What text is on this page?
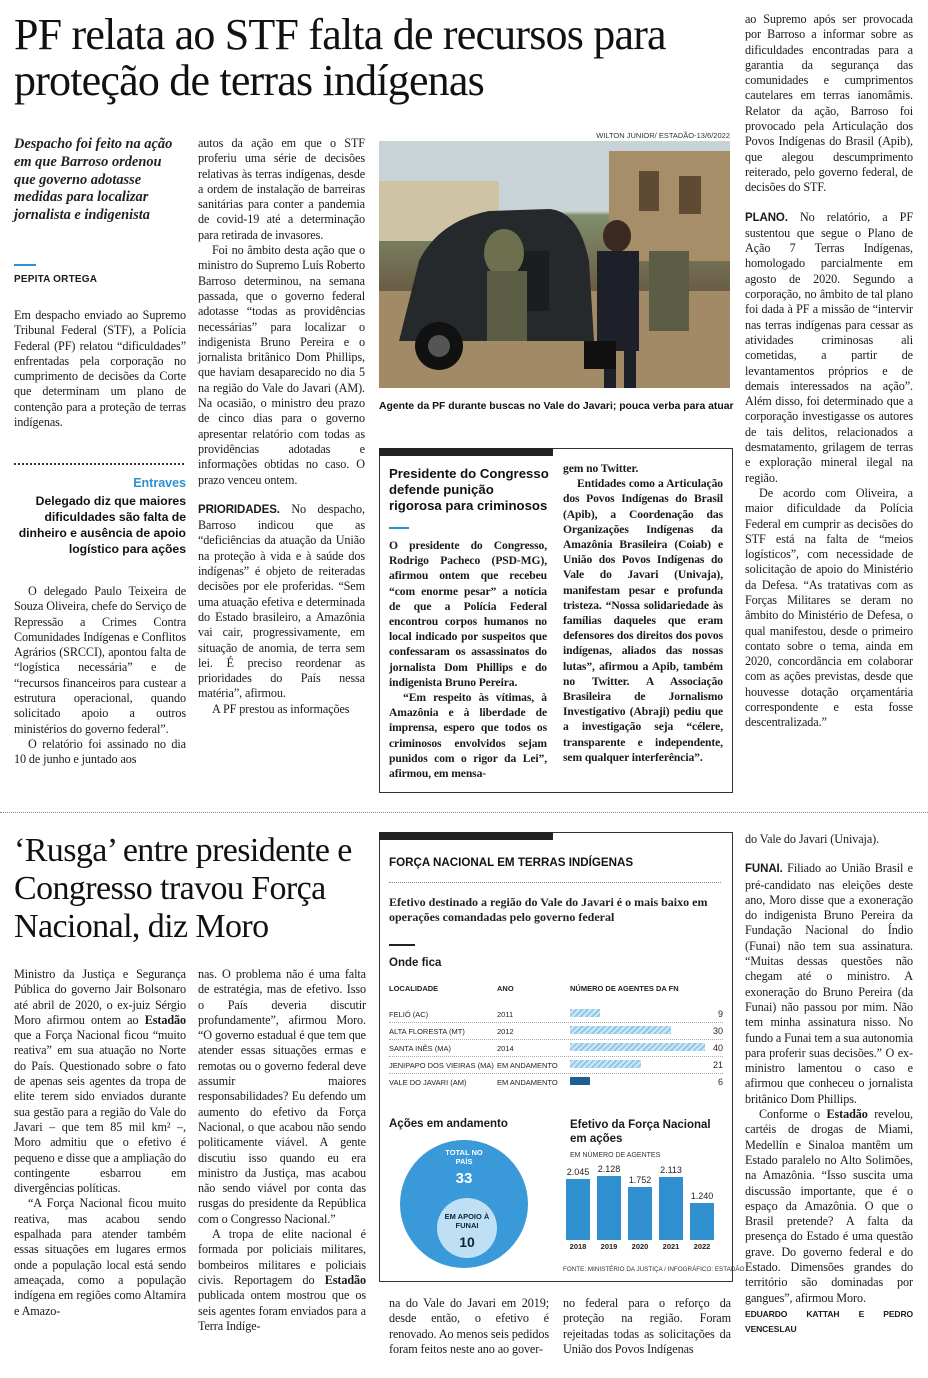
PF relata ao STF falta de recursos para proteção de terras indígenas
Despacho foi feito na ação em que Barroso ordenou que governo adotasse medidas para localizar jornalista e indigenista
PEPITA ORTEGA

Em despacho enviado ao Supremo Tribunal Federal (STF), a Polícia Federal (PF) relatou “dificuldades” enfrentadas pela corporação no cumprimento de decisões da Corte que determinam um plano de contenção para a proteção de terras indígenas.

Entraves
Delegado diz que maiores dificuldades são falta de dinheiro e ausência de apoio logístico para ações

O delegado Paulo Teixeira de Souza Oliveira, chefe do Serviço de Repressão a Crimes Contra Comunidades Indígenas e Conflitos Agrários (SRCCI), apontou falta de “logística necessária” e de “recursos financeiros para custear a estrutura operacional, quando solicitado apoio a outros ministérios do governo federal”.

O relatório foi assinado no dia 10 de junho e juntado aos

autos da ação em que o STF proferiu uma série de decisões relativas às terras indígenas, desde a ordem de instalação de barreiras sanitárias para conter a pandemia de covid-19 até a determinação para retirada de invasores.

Foi no âmbito desta ação que o ministro do Supremo Luís Roberto Barroso determinou, na semana passada, que o governo federal adotasse “todas as providências necessárias” para localizar o indigenista Bruno Pereira e o jornalista britânico Dom Phillips, que haviam desaparecido no dia 5 na região do Vale do Javari (AM). Na ocasião, o ministro deu prazo de cinco dias para o governo apresentar relatório com todas as providências adotadas e informações obtidas no caso. O prazo venceu ontem.

PRIORIDADES. No despacho, Barroso indicou que as “deficiências da atuação da União na proteção à vida e à saúde dos indígenas” é objeto de reiteradas decisões por ele proferidas. “Sem uma atuação efetiva e determinada do Estado brasileiro, a Amazônia vai cair, progressivamente, em situação de anomia, de terra sem lei. É preciso reordenar as prioridades do País nessa matéria”, afirmou.

A PF prestou as informações

WILTON JUNIOR/ ESTADÃO-13/6/2022
Agente da PF durante buscas no Vale do Javari; pouca verba para atuar
Presidente do Congresso defende punição rigorosa para criminosos

O presidente do Congresso, Rodrigo Pacheco (PSD-MG), afirmou ontem que recebeu “com enorme pesar” a notícia de que a Polícia Federal encontrou corpos humanos no local indicado por suspeitos que confessaram os assassinatos do jornalista Dom Phillips e do indigenista Bruno Pereira.

“Em respeito às vítimas, à Amazônia e à liberdade de imprensa, espero que todos os criminosos envolvidos sejam punidos com o rigor da Lei”, afirmou, em mensa-

gem no Twitter.

Entidades como a Articulação dos Povos Indígenas do Brasil (Apib), a Coordenação das Organizações Indígenas da Amazônia Brasileira (Coiab) e União dos Povos Indígenas do Vale do Javari (Univaja), manifestam pesar e profunda tristeza. “Nossa solidariedade às famílias daqueles que eram defensores dos direitos dos povos indígenas, aliados das nossas lutas”, afirmou a Apib, também no Twitter. A Associação Brasileira de Jornalismo Investigativo (Abraji) pediu que a investigação seja “célere, transparente e independente, sem qualquer interferência”.

ao Supremo após ser provocada por Barroso a informar sobre as dificuldades encontradas para a garantia da segurança das comunidades e cumprimentos cautelares em terras ianomâmis. Relator da ação, Barroso foi provocado pela Articulação dos Povos Indígenas do Brasil (Apib), que alegou descumprimento reiterado, pelo governo federal, de decisões do STF.

PLANO. No relatório, a PF sustentou que segue o Plano de Ação 7 Terras Indígenas, homologado parcialmente em agosto de 2020. Segundo a corporação, no âmbito de tal plano foi dada à PF a missão de “intervir nas terras indígenas para cessar as atividades criminosas ali cometidas, a partir de levantamentos próprios e de demais interessados na ação”. Além disso, foi determinado que a corporação investigasse os autores de tais delitos, relacionados a desmatamento, grilagem de terras e exploração mineral ilegal na região.

De acordo com Oliveira, a maior dificuldade da Polícia Federal em cumprir as decisões do STF está na falta de “meios logísticos”, com necessidade de solicitação de apoio do Ministério da Defesa. “As tratativas com as Forças Militares se deram no âmbito do Ministério de Defesa, o qual manifestou, desde o primeiro contato sobre o tema, ainda em 2020, concordância em colaborar com as ações previstas, desde que houvesse dotação orçamentária correspondente e esta fosse descentralizada.”

‘Rusga’ entre presidente e Congresso travou Força Nacional, diz Moro

Ministro da Justiça e Segurança Pública do governo Jair Bolsonaro até abril de 2020, o ex-juiz Sérgio Moro afirmou ontem ao Estadão que a Força Nacional ficou “muito reativa” em sua atuação no Norte do País. Questionado sobre o fato de apenas seis agentes da tropa de elite terem sido enviados durante sua gestão para a região do Vale do Javari – que tem 85 mil km² –, Moro admitiu que o efetivo é pequeno e disse que a ampliação do contingente esbarrou em divergências políticas.

“A Força Nacional ficou muito reativa, mas acabou sendo espalhada para atender também essas situações em lugares ermos onde a população local está sendo ameaçada, como a população indígena em regiões como Altamira e Amazo-

nas. O problema não é uma falta de estratégia, mas de efetivo. Isso o País deveria discutir profundamente”, afirmou Moro. “O governo estadual é que tem que atender essas situações ermas e remotas ou o governo federal deve assumir maiores responsabilidades? Eu defendo um aumento do efetivo da Força Nacional, o que acabou não sendo politicamente viável. A gente discutiu isso quando eu era ministro da Justiça, mas acabou não sendo viável por conta das rusgas do presidente da República com o Congresso Nacional.”

A tropa de elite nacional é formada por policiais militares, bombeiros militares e policiais civis. Reportagem do Estadão publicada ontem mostrou que os seis agentes foram enviados para a Terra Indíge-

FORÇA NACIONAL EM TERRAS INDÍGENAS
Efetivo destinado a região do Vale do Javari é o mais baixo em operações comandadas pelo governo federal
Onde fica
LOCALIDADE	ANO	NÚMERO DE AGENTES DA FN
FELIÓ (AC)	2011	9
ALTA FLORESTA (MT)	2012	30
SANTA INÊS (MA)	2014	40
JENIPAPO DOS VIEIRAS (MA) EM ANDAMENTO	21
VALE DO JAVARI (AM)	EM ANDAMENTO	6
Ações em andamento
TOTAL NO PAÍS
33
EM APOIO À FUNAI
10
Efetivo da Força Nacional em ações
EM NÚMERO DE AGENTES
2.045
2018
2.128
2019
1.752
2020
2.113
2021
1.240
2022
FONTE: MINISTÉRIO DA JUSTIÇA / INFOGRÁFICO: ESTADÃO

na do Vale do Javari em 2019; desde então, o efetivo é renovado. Ao menos seis pedidos foram feitos neste ano ao gover-

no federal para o reforço da proteção na região. Foram rejeitadas todas as solicitações da União dos Povos Indígenas

do Vale do Javari (Univaja).

FUNAI. Filiado ao União Brasil e pré-candidato nas eleições deste ano, Moro disse que a exoneração do indigenista Bruno Pereira da Fundação Nacional do Índio (Funai) não tem sua assinatura. “Muitas dessas questões não chegam até o ministro. A exoneração do Bruno Pereira (da Funai) não passou por mim. Não tem minha assinatura nisso. No fundo a Funai tem a sua autonomia para proferir suas decisões.” O ex-ministro lamentou o caso e afirmou que conheceu o jornalista britânico Dom Phillips.

Conforme o Estadão revelou, cartéis de drogas de Miami, Medellín e Sinaloa mantêm um Estado paralelo no Alto Solimões, na Amazônia. “Isso suscita uma discussão importante, que é o espaço da Amazônia. O que o Brasil pretende? A falta da presença do Estado é uma questão grave. Do governo federal e do Estado. Dimensões grandes do território são dominadas por gangues”, afirmou Moro.

EDUARDO KATTAH E PEDRO VENCESLAU
